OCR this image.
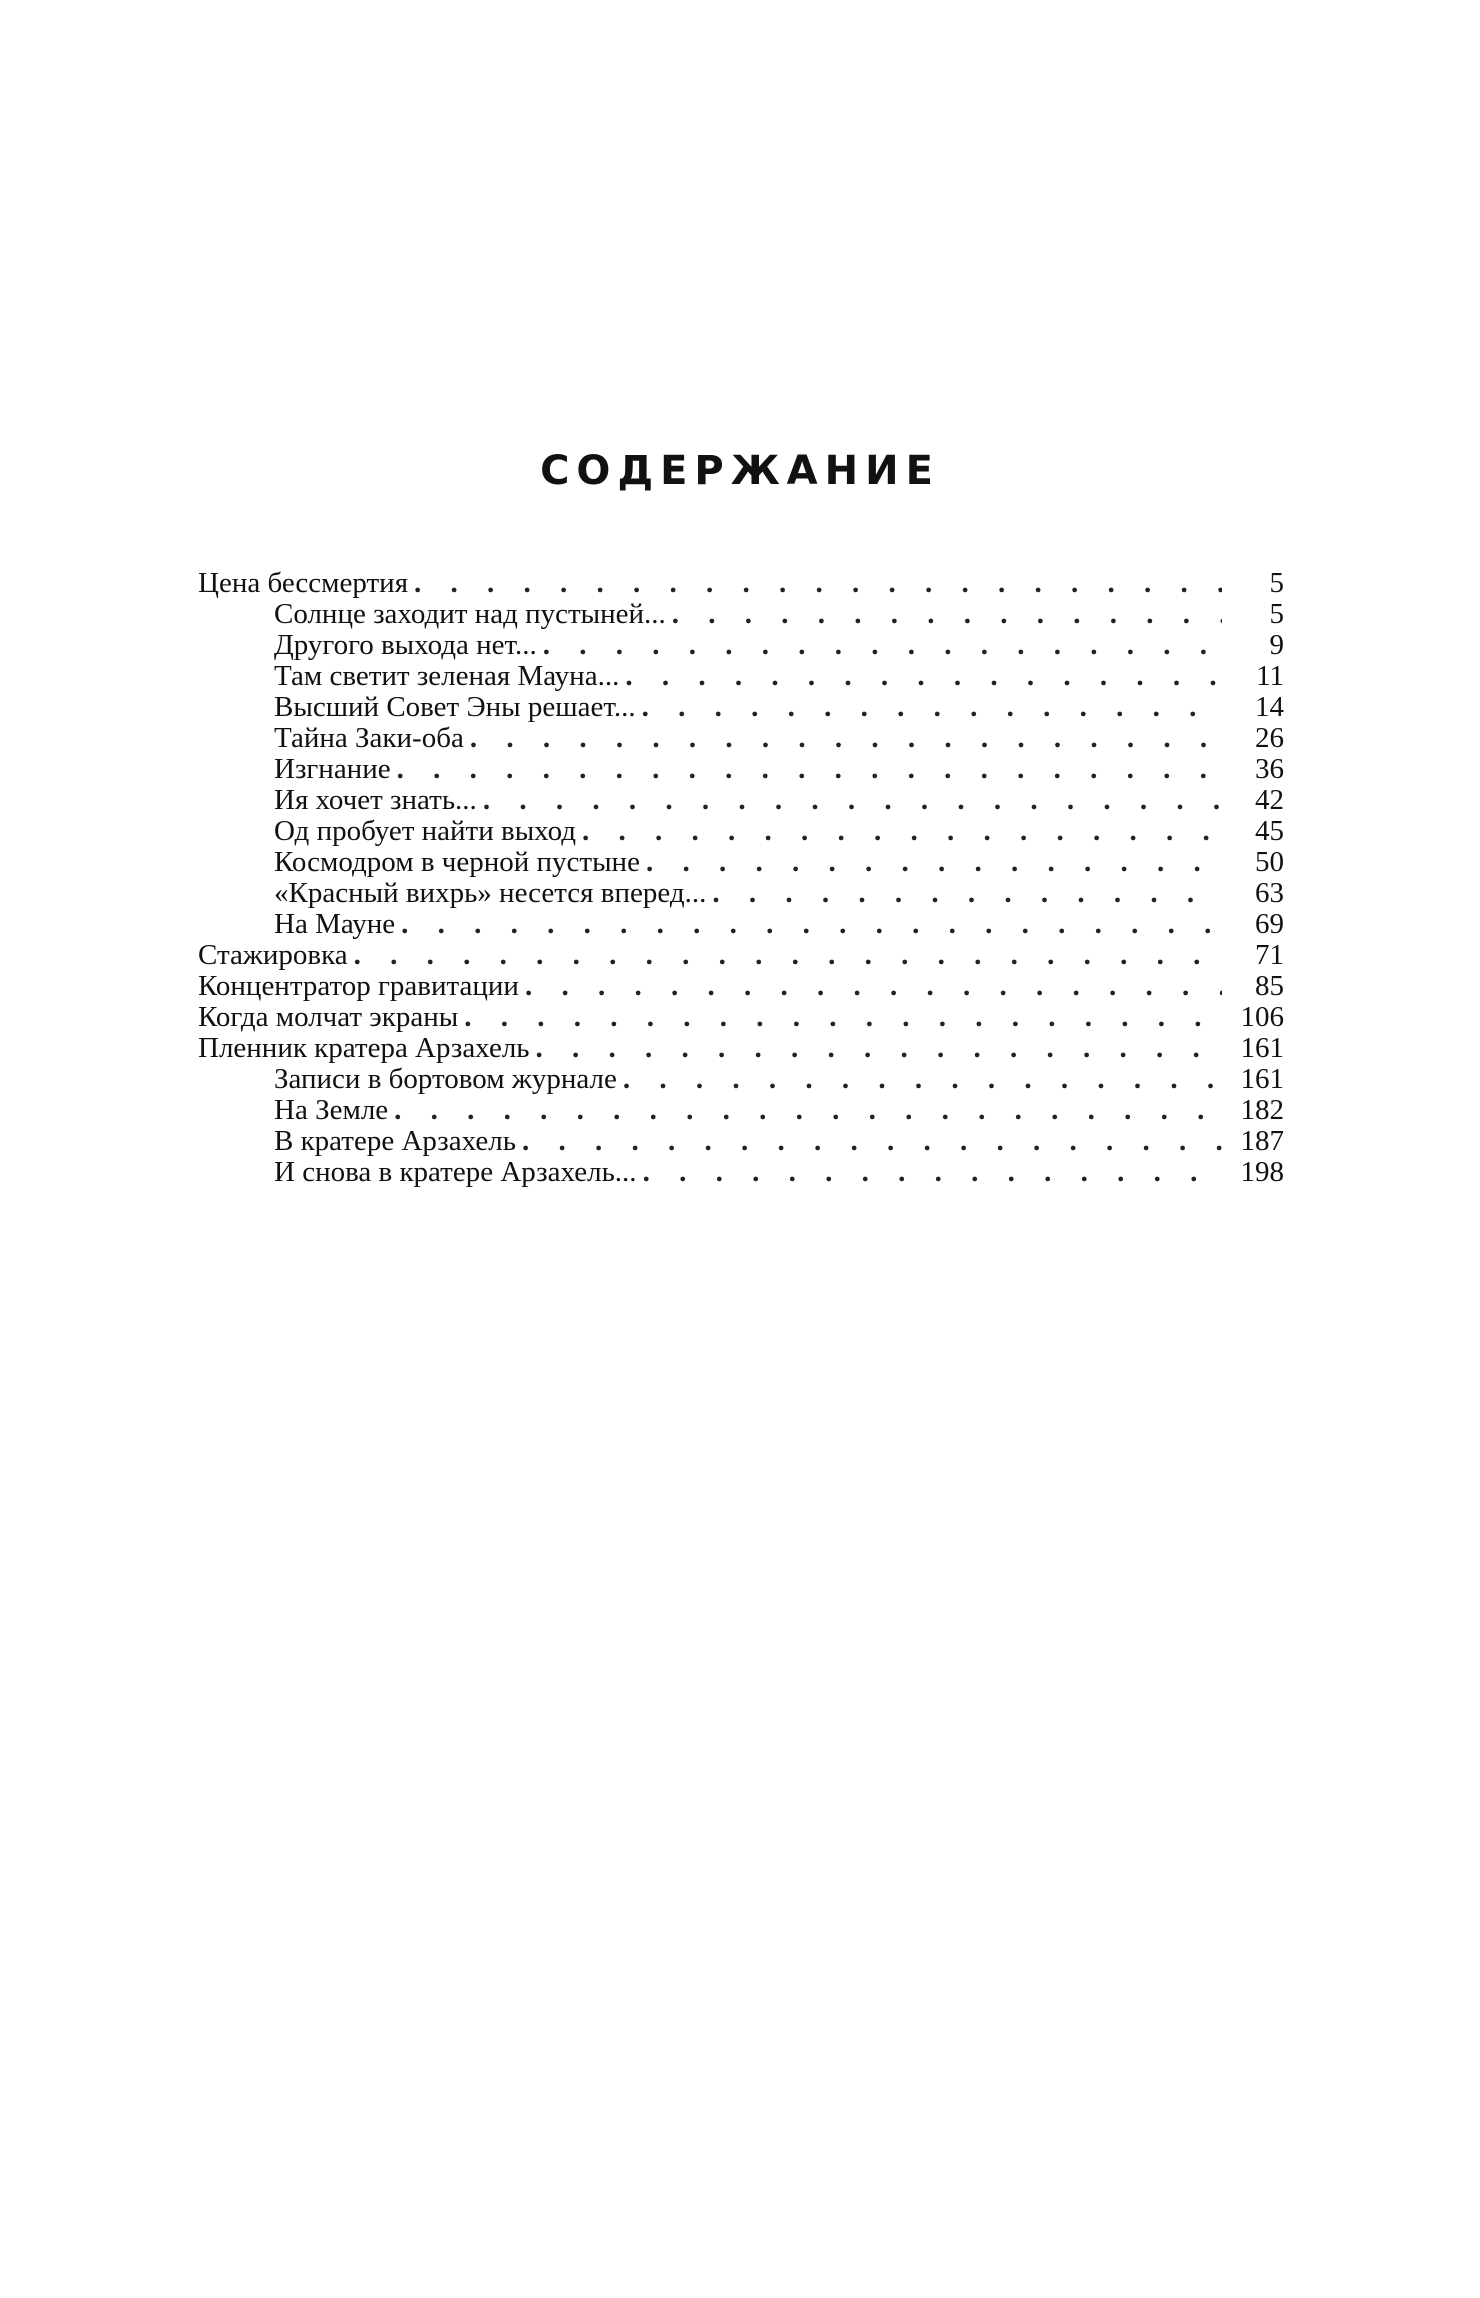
СОДЕРЖАНИЕ
Цена бессмертия . . .	5
Солнце заходит над пустыней... . . .	5
Другого выхода нет... . . .	9
Там светит зеленая Мауна... . . .	11
Высший Совет Эны решает... . . .	14
Тайна Заки-оба . . .	26
Изгнание . . .	36
Ия хочет знать... . . .	42
Од пробует найти выход . . .	45
Космодром в черной пустыне . . .	50
«Красный вихрь» несется вперед... . . .	63
На Мауне . . .	69
Стажировка . . .	71
Концентратор гравитации . . .	85
Когда молчат экраны . . .	106
Пленник кратера Арзахель . . .	161
Записи в бортовом журнале . . .	161
На Земле . . .	182
В кратере Арзахель . . .	187
И снова в кратере Арзахель... . . .	198
